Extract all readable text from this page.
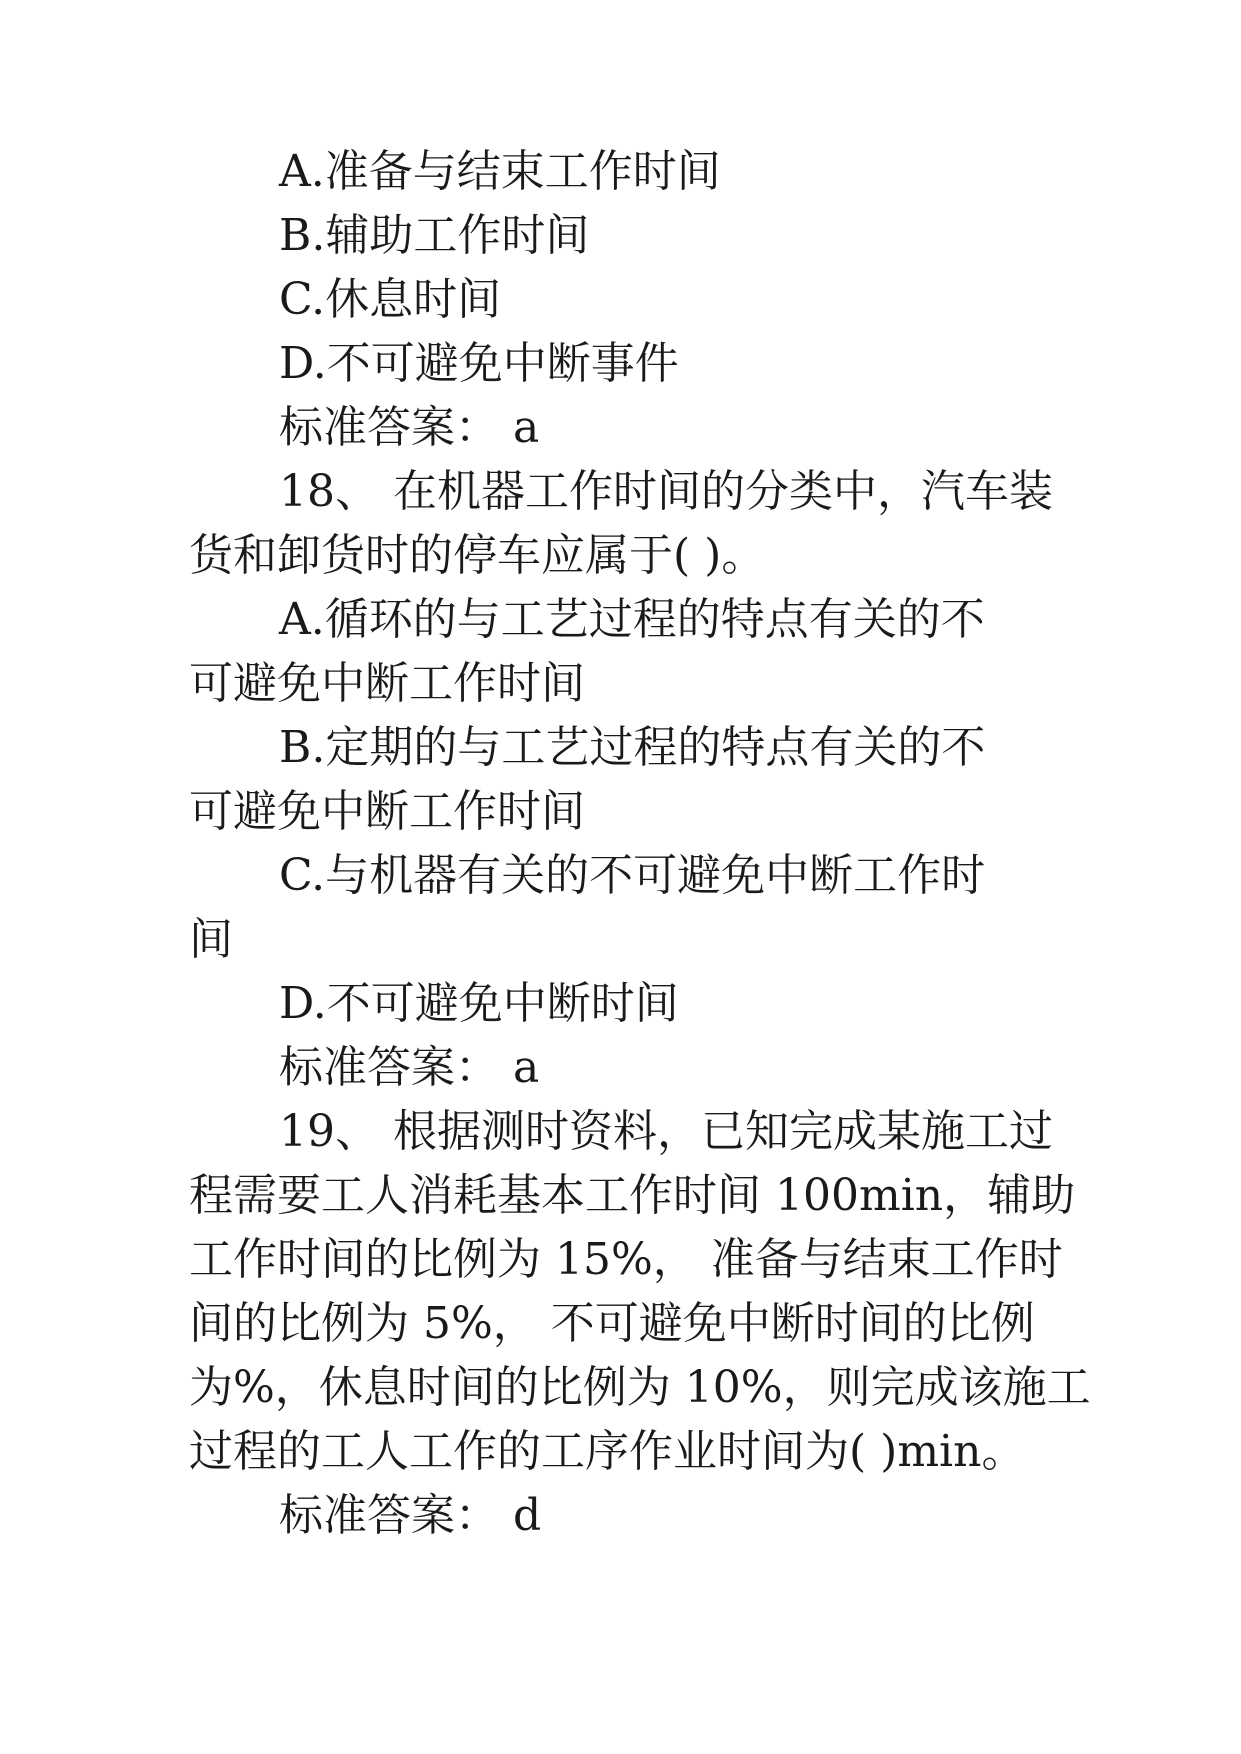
A.准备与结束工作时间

B.辅助工作时间

C.休息时间

D.不可避免中断事件

标准答案： a

18、 在机器工作时间的分类中，汽车装

货和卸货时的停车应属于( )。

A.循环的与工艺过程的特点有关的不

可避免中断工作时间

B.定期的与工艺过程的特点有关的不

可避免中断工作时间

C.与机器有关的不可避免中断工作时

间

D.不可避免中断时间

标准答案： a

19、 根据测时资料，已知完成某施工过

程需要工人消耗基本工作时间 100min，辅助

工作时间的比例为 15%， 准备与结束工作时

间的比例为 5%， 不可避免中断时间的比例

为%，休息时间的比例为 10%，则完成该施工

过程的工人工作的工序作业时间为( )min。

标准答案： d
